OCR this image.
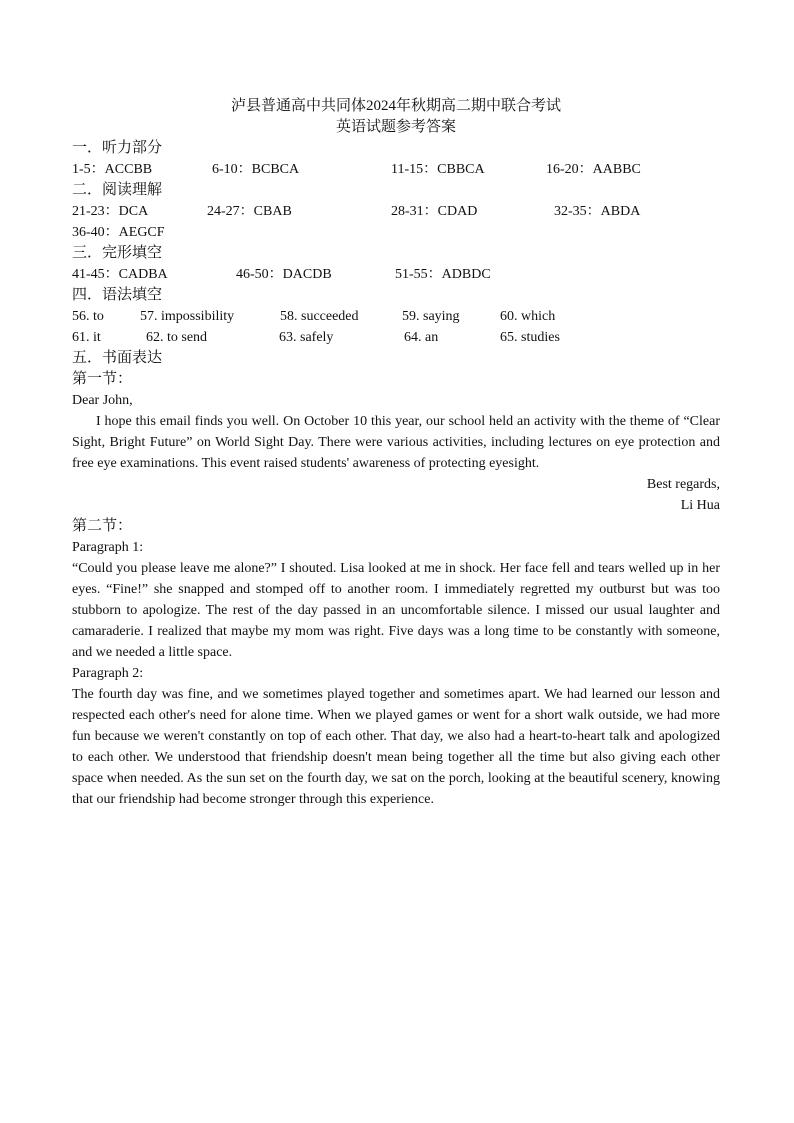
泸县普通高中共同体2024年秋期高二期中联合考试
英语试题参考答案
一．听力部分
1-5：ACCBB	6-10：BCBCA	11-15：CBBCA	16-20：AABBC
二．阅读理解
21-23：DCA	24-27：CBAB	28-31：CDAD	32-35：ABDA
36-40：AEGCF
三．完形填空
41-45：CADBA	46-50：DACDB	51-55：ADBDC
四．语法填空
56. to	57. impossibility	58. succeeded	59. saying	60. which
61. it	62. to send	63. safely	64. an	65. studies
五．书面表达
第一节：
Dear John,

I hope this email finds you well. On October 10 this year, our school held an activity with the theme of “Clear Sight, Bright Future” on World Sight Day. There were various activities, including lectures on eye protection and free eye examinations. This event raised students' awareness of protecting eyesight.

Best regards,
Li Hua
第二节：
Paragraph 1:

“Could you please leave me alone?” I shouted. Lisa looked at me in shock. Her face fell and tears welled up in her eyes. “Fine!” she snapped and stomped off to another room. I immediately regretted my outburst but was too stubborn to apologize. The rest of the day passed in an uncomfortable silence. I missed our usual laughter and camaraderie. I realized that maybe my mom was right. Five days was a long time to be constantly with someone, and we needed a little space.

Paragraph 2:

The fourth day was fine, and we sometimes played together and sometimes apart. We had learned our lesson and respected each other's need for alone time. When we played games or went for a short walk outside, we had more fun because we weren't constantly on top of each other. That day, we also had a heart-to-heart talk and apologized to each other. We understood that friendship doesn't mean being together all the time but also giving each other space when needed. As the sun set on the fourth day, we sat on the porch, looking at the beautiful scenery, knowing that our friendship had become stronger through this experience.
